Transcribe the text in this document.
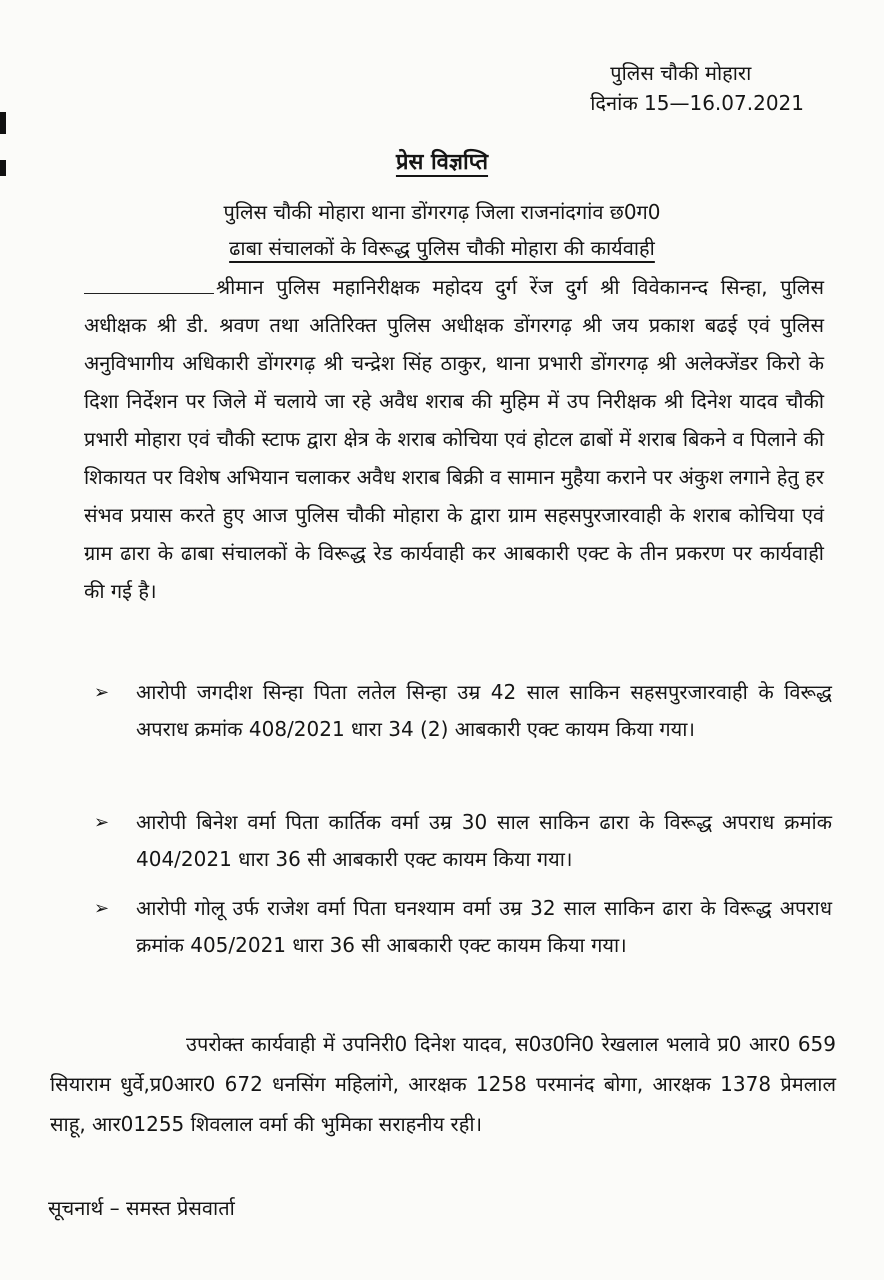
पुलिस चौकी मोहारा
दिनांक 15—16.07.2021
प्रेस विज्ञप्ति
पुलिस चौकी मोहारा थाना डोंगरगढ़ जिला राजनांदगांव छ0ग0
ढाबा संचालकों के विरूद्ध पुलिस चौकी मोहारा की कार्यवाही
श्रीमान पुलिस महानिरीक्षक महोदय दुर्ग रेंज दुर्ग श्री विवेकानन्द सिन्हा, पुलिस अधीक्षक श्री डी. श्रवण तथा अतिरिक्त पुलिस अधीक्षक डोंगरगढ़ श्री जय प्रकाश बढई एवं पुलिस अनुविभागीय अधिकारी डोंगरगढ़ श्री चन्द्रेश सिंह ठाकुर, थाना प्रभारी डोंगरगढ़ श्री अलेक्जेंडर किरो के दिशा निर्देशन पर जिले में चलाये जा रहे अवैध शराब की मुहिम में उप निरीक्षक श्री दिनेश यादव चौकी प्रभारी मोहारा एवं चौकी स्टाफ द्वारा क्षेत्र के शराब कोचिया एवं होटल ढाबों में शराब बिकने व पिलाने की शिकायत पर विशेष अभियान चलाकर अवैध शराब बिक्री व सामान मुहैया कराने पर अंकुश लगाने हेतु हर संभव प्रयास करते हुए आज पुलिस चौकी मोहारा के द्वारा ग्राम सहसपुरजारवाही के शराब कोचिया एवं ग्राम ढारा के ढाबा संचालकों के विरूद्ध रेड कार्यवाही कर आबकारी एक्ट के तीन प्रकरण पर कार्यवाही की गई है।
➢	आरोपी जगदीश सिन्हा पिता लतेल सिन्हा उम्र 42 साल साकिन सहसपुरजारवाही के विरूद्ध अपराध क्रमांक 408/2021 धारा 34 (2) आबकारी एक्ट कायम किया गया।
➢	आरोपी बिनेश वर्मा पिता कार्तिक वर्मा उम्र 30 साल साकिन ढारा के विरूद्ध अपराध क्रमांक 404/2021 धारा 36 सी आबकारी एक्ट कायम किया गया।
➢	आरोपी गोलू उर्फ राजेश वर्मा पिता घनश्याम वर्मा उम्र 32 साल साकिन ढारा के विरूद्ध अपराध क्रमांक 405/2021 धारा 36 सी आबकारी एक्ट कायम किया गया।
उपरोक्त कार्यवाही में उपनिरी0 दिनेश यादव, स0उ0नि0 रेखलाल भलावे प्र0 आर0 659 सियाराम धुर्वे,प्र0आर0 672 धनसिंग महिलांगे, आरक्षक 1258 परमानंद बोगा, आरक्षक 1378 प्रेमलाल साहू, आर01255 शिवलाल वर्मा की भुमिका सराहनीय रही।
सूचनार्थ – समस्त प्रेसवार्ता
